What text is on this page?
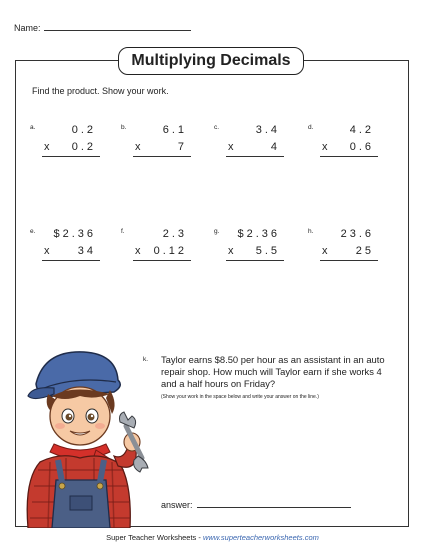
Name:
Multiplying Decimals
Find the product. Show your work.
a.	0.2
x 0.2
b.	6.1
x	7
c.	3.4
x	4
d.	4.2
x 0.6
e. $2.36
x	34
f.	2.3
x 0.12
g. $2.36
x 5.5
h. 23.6
x	25
k. Taylor earns $8.50 per hour as an assistant in an auto repair shop. How much will Taylor earn if she works 4 and a half hours on Friday?
(Show your work in the space below and write your answer on the line.)
answer:
Super Teacher Worksheets - www.superteacherworksheets.com
